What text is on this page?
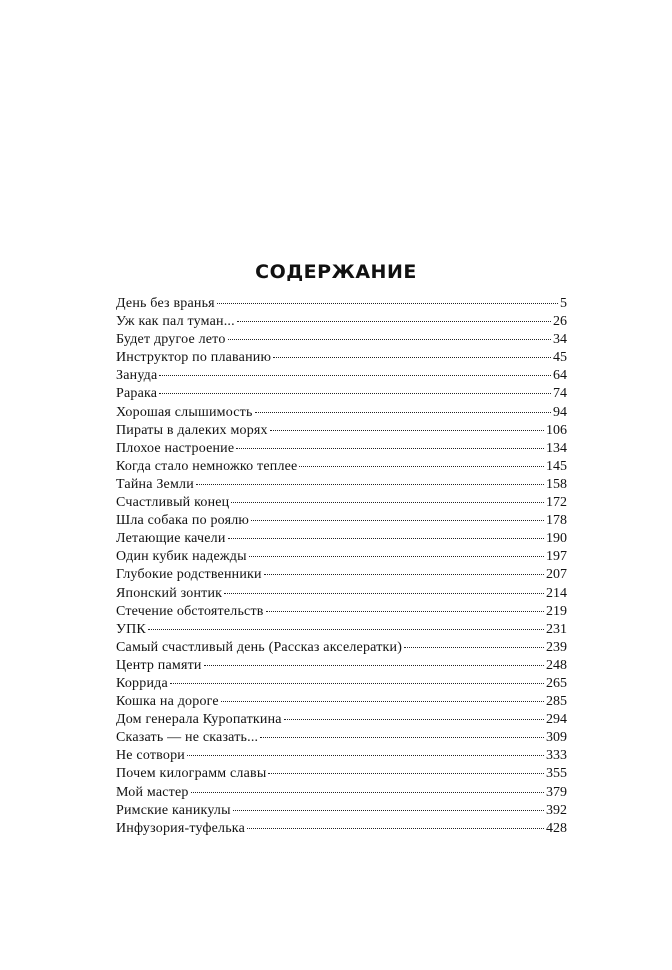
СОДЕРЖАНИЕ
День без вранья	5
Уж как пал туман...	26
Будет другое лето	34
Инструктор по плаванию	45
Зануда	64
Рарака	74
Хорошая слышимость	94
Пираты в далеких морях	106
Плохое настроение	134
Когда стало немножко теплее	145
Тайна Земли	158
Счастливый конец	172
Шла собака по роялю	178
Летающие качели	190
Один кубик надежды	197
Глубокие родственники	207
Японский зонтик	214
Стечение обстоятельств	219
УПК	231
Самый счастливый день (Рассказ акселератки)	239
Центр памяти	248
Коррида	265
Кошка на дороге	285
Дом генерала Куропаткина	294
Сказать — не сказать...	309
Не сотвори	333
Почем килограмм славы	355
Мой мастер	379
Римские каникулы	392
Инфузория-туфелька	428
